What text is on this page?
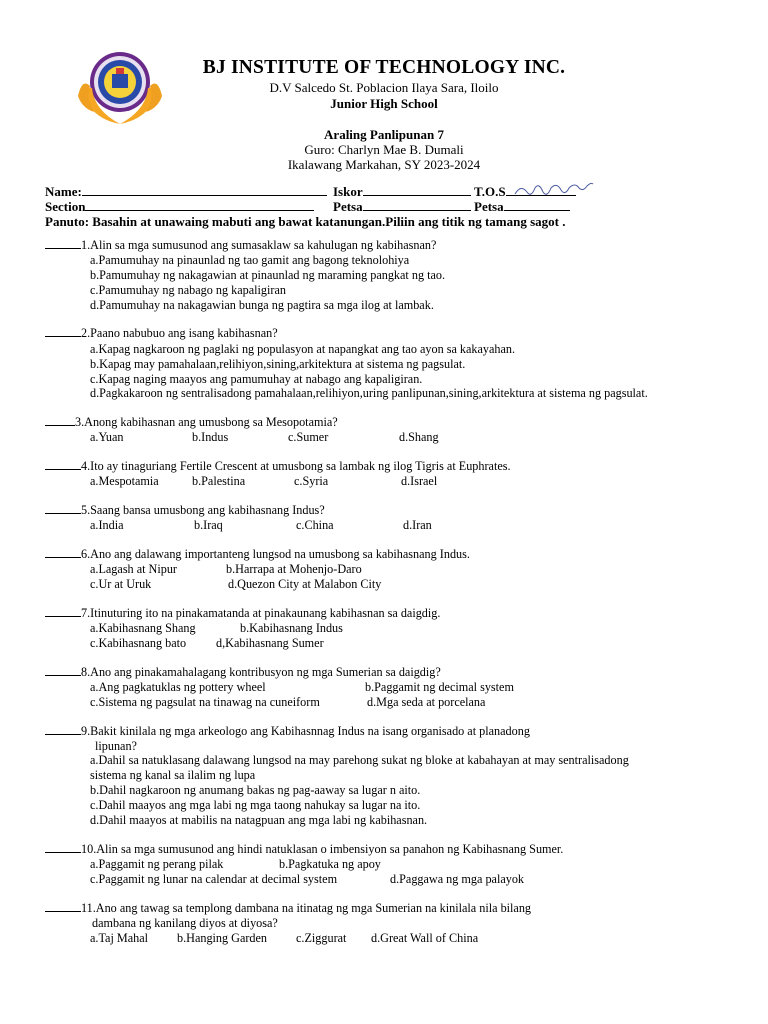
BJ INSTITUTE OF TECHNOLOGY INC.
D.V Salcedo St. Poblacion Ilaya Sara, Iloilo
Junior High School
Araling Panlipunan 7
Guro: Charlyn Mae B. Dumali
Ikalawang Markahan, SY 2023-2024
Name:	Iskor	T.O.S
Section	Petsa	Petsa
Panuto: Basahin at unawaing mabuti ang bawat katanungan.Piliin ang titik ng tamang sagot .
1.Alin sa mga sumusunod ang sumasaklaw sa kahulugan ng kabihasnan?
a.Pamumuhay na pinaunlad ng tao gamit ang bagong teknolohiya
b.Pamumuhay ng nakagawian at pinaunlad ng maraming pangkat ng tao.
c.Pamumuhay ng nabago ng kapaligiran
d.Pamumuhay na nakagawian bunga ng pagtira sa mga ilog at lambak.
2.Paano nabubuo ang isang kabihasnan?
a.Kapag nagkaroon ng paglaki ng populasyon at napangkat ang tao ayon sa kakayahan.
b.Kapag may pamahalaan,relihiyon,sining,arkitektura at sistema ng pagsulat.
c.Kapag naging maayos ang pamumuhay at nabago ang kapaligiran.
d.Pagkakaroon ng sentralisadong pamahalaan,relihiyon,uring panlipunan,sining,arkitektura at sistema ng pagsulat.
3.Anong kabihasnan ang umusbong sa Mesopotamia?
a.Yuan	b.Indus	c.Sumer	d.Shang
4.Ito ay tinaguriang Fertile Crescent at umusbong sa lambak ng ilog Tigris at Euphrates.
a.Mespotamia	b.Palestina	c.Syria	d.Israel
5.Saang bansa umusbong ang kabihasnang Indus?
a.India	b.Iraq	c.China	d.Iran
6.Ano ang dalawang importanteng lungsod na umusbong sa kabihasnang Indus.
a.Lagash at Nipur	b.Harrapa at Mohenjo-Daro
c.Ur at Uruk	d.Quezon City at Malabon City
7.Itinuturing ito na pinakamatanda at pinakaunang kabihasnan sa daigdig.
a.Kabihasnang Shang	b.Kabihasnang Indus
c.Kabihasnang bato d,Kabihasnang Sumer
8.Ano ang pinakamahalagang kontribusyon ng mga Sumerian sa daigdig?
a.Ang pagkatuklas ng pottery wheel	b.Paggamit ng decimal system
c.Sistema ng pagsulat na tinawag na cuneiform	d.Mga seda at porcelana
9.Bakit kinilala ng mga arkeologo ang Kabihasnnag Indus na isang organisado at planadong
lipunan?
a.Dahil sa natuklasang dalawang lungsod na may parehong sukat ng bloke at kabahayan at may sentralisadong
sistema ng kanal sa ilalim ng lupa
b.Dahil nagkaroon ng anumang bakas ng pag-aaway sa lugar n aito.
c.Dahil maayos ang mga labi ng mga taong nahukay sa lugar na ito.
d.Dahil maayos at mabilis na natagpuan ang mga labi ng kabihasnan.
10.Alin sa mga sumusunod ang hindi natuklasan o imbensiyon sa panahon ng Kabihasnang Sumer.
a.Paggamit ng perang pilak	b.Pagkatuka ng apoy
c.Paggamit ng lunar na calendar at decimal system	d.Paggawa ng mga palayok
11.Ano ang tawag sa templong dambana na itinatag ng mga Sumerian na kinilala nila bilang
dambana ng kanilang diyos at diyosa?
a.Taj Mahal b.Hanging Garden c.Ziggurat d.Great Wall of China
